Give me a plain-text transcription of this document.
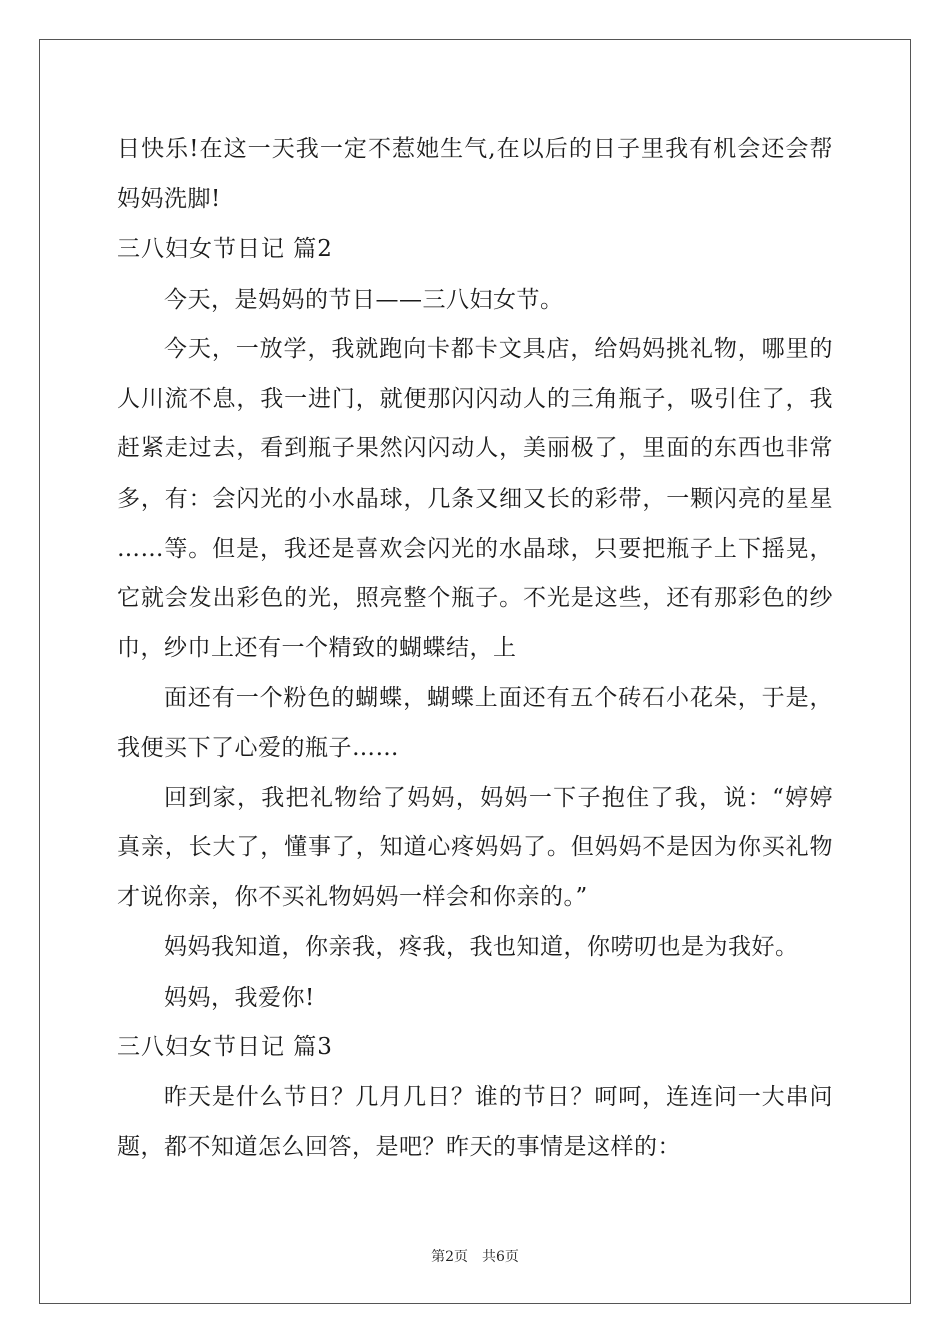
日快乐!在这一天我一定不惹她生气,在以后的日子里我有机会还会帮
妈妈洗脚!
三八妇女节日记 篇2
今天，是妈妈的节日——三八妇女节。
今天，一放学，我就跑向卡都卡文具店，给妈妈挑礼物，哪里的
人川流不息，我一进门，就便那闪闪动人的三角瓶子，吸引住了，我
赶紧走过去，看到瓶子果然闪闪动人，美丽极了，里面的东西也非常
多，有：会闪光的小水晶球，几条又细又长的彩带，一颗闪亮的星星
……等。但是，我还是喜欢会闪光的水晶球，只要把瓶子上下摇晃，
它就会发出彩色的光，照亮整个瓶子。不光是这些，还有那彩色的纱
巾，纱巾上还有一个精致的蝴蝶结，上
面还有一个粉色的蝴蝶，蝴蝶上面还有五个砖石小花朵，于是，
我便买下了心爱的瓶子……
回到家，我把礼物给了妈妈，妈妈一下子抱住了我，说：“婷婷
真亲，长大了，懂事了，知道心疼妈妈了。但妈妈不是因为你买礼物
才说你亲，你不买礼物妈妈一样会和你亲的。”
妈妈我知道，你亲我，疼我，我也知道，你唠叨也是为我好。
妈妈，我爱你!
三八妇女节日记 篇3
昨天是什么节日？几月几日？谁的节日？呵呵，连连问一大串问
题，都不知道怎么回答，是吧？昨天的事情是这样的：
第2页 共6页
